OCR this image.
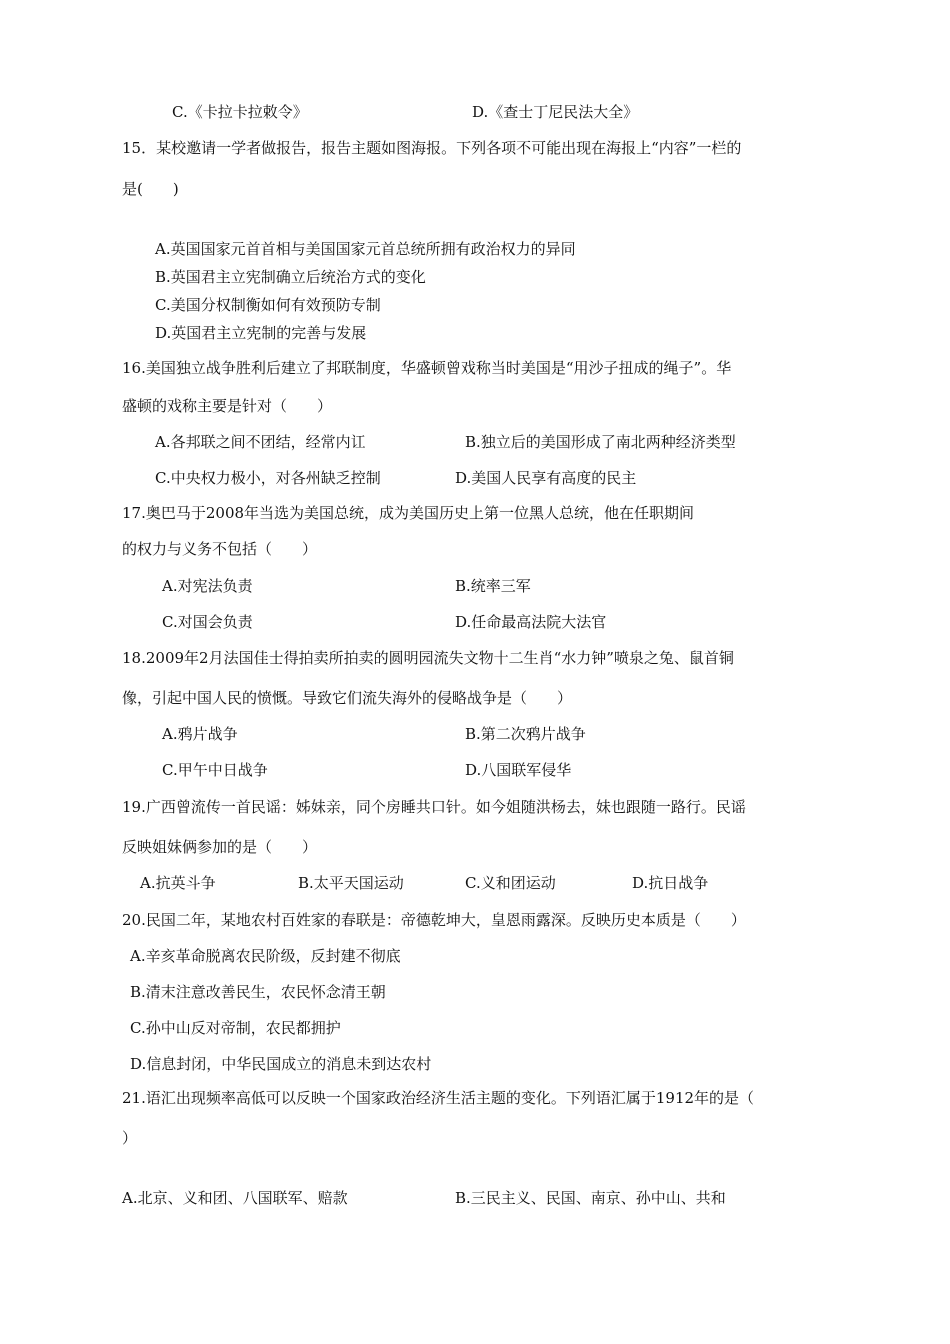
C.《卡拉卡拉敕令》	D.《查士丁尼民法大全》
15．某校邀请一学者做报告，报告主题如图海报。下列各项不可能出现在海报上“内容”一栏的
是(　　)
A.英国国家元首首相与美国国家元首总统所拥有政治权力的异同
B.英国君主立宪制确立后统治方式的变化
C.美国分权制衡如何有效预防专制
D.英国君主立宪制的完善与发展
16.美国独立战争胜利后建立了邦联制度，华盛顿曾戏称当时美国是“用沙子扭成的绳子”。华
盛顿的戏称主要是针对（　　）
A.各邦联之间不团结，经常内讧	B.独立后的美国形成了南北两种经济类型
C.中央权力极小，对各州缺乏控制	D.美国人民享有高度的民主
17.奥巴马于2008年当选为美国总统，成为美国历史上第一位黑人总统，他在任职期间
的权力与义务不包括（　　）
A.对宪法负责	B.统率三军
C.对国会负责	D.任命最高法院大法官
18.2009年2月法国佳士得拍卖所拍卖的圆明园流失文物十二生肖“水力钟”喷泉之兔、鼠首铜
像，引起中国人民的愤慨。导致它们流失海外的侵略战争是（　　）
A.鸦片战争	B.第二次鸦片战争
C.甲午中日战争	D.八国联军侵华
19.广西曾流传一首民谣：姊妹亲，同个房睡共口针。如今姐随洪杨去，妹也跟随一路行。民谣
反映姐妹俩参加的是（　　）
A.抗英斗争	B.太平天国运动	C.义和团运动	D.抗日战争
20.民国二年，某地农村百姓家的春联是：帝德乾坤大，皇恩雨露深。反映历史本质是（　　）
A.辛亥革命脱离农民阶级，反封建不彻底
B.清末注意改善民生，农民怀念清王朝
C.孙中山反对帝制，农民都拥护
D.信息封闭，中华民国成立的消息未到达农村
21.语汇出现频率高低可以反映一个国家政治经济生活主题的变化。下列语汇属于1912年的是（
）
A.北京、义和团、八国联军、赔款	B.三民主义、民国、南京、孙中山、共和
